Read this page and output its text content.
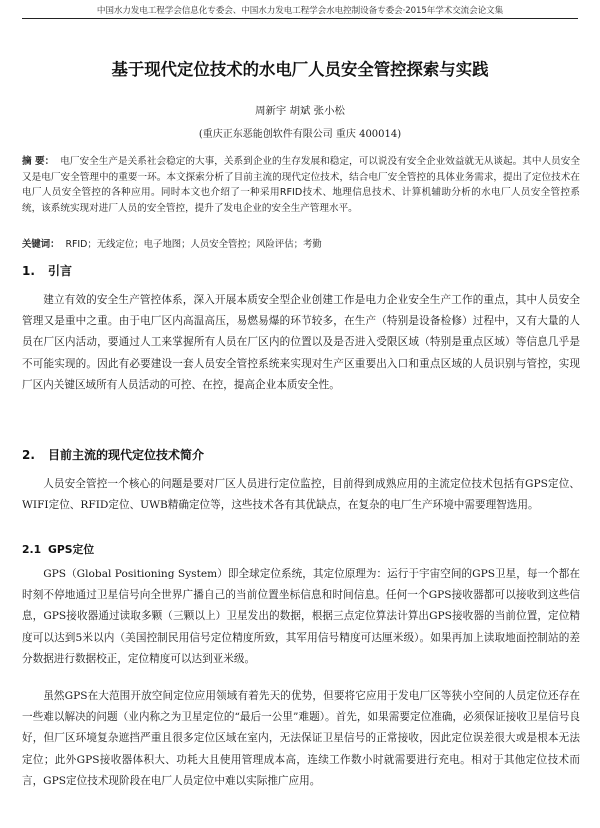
中国水力发电工程学会信息化专委会、中国水力发电工程学会水电控制设备专委会·2015年学术交流会论文集
基于现代定位技术的水电厂人员安全管控探索与实践
周新宇 胡斌 张小松
(重庆正东恶能创软件有限公司 重庆 400014)
摘 要： 电厂安全生产是关系社会稳定的大事，关系到企业的生存发展和稳定，可以说没有安全企业效益就无从谈起。其中人员安全又是电厂安全管理中的重要一环。本文探索分析了目前主流的现代定位技术，结合电厂安全管控的具体业务需求，提出了定位技术在电厂人员安全管控的各种应用。同时本文也介绍了一种采用RFID技术、地理信息技术、计算机辅助分析的水电厂人员安全管控系统，该系统实现对进厂人员的安全管控，提升了发电企业的安全生产管理水平。
关键词： RFID；无线定位；电子地图；人员安全管控；风险评估；考勤
1. 引言
建立有效的安全生产管控体系，深入开展本质安全型企业创建工作是电力企业安全生产工作的重点，其中人员安全管理又是重中之重。由于电厂区内高温高压，易燃易爆的环节较多，在生产（特别是设备检修）过程中，又有大量的人员在厂区内活动，要通过人工来掌握所有人员在厂区内的位置以及是否进入受限区域（特别是重点区域）等信息几乎是不可能实现的。因此有必要建设一套人员安全管控系统来实现对生产区重要出入口和重点区域的人员识别与管控，实现厂区内关键区域所有人员活动的可控、在控，提高企业本质安全性。
2. 目前主流的现代定位技术简介
人员安全管控一个核心的问题是要对厂区人员进行定位监控，目前得到成熟应用的主流定位技术包括有GPS定位、WIFI定位、RFID定位、UWB精确定位等，这些技术各有其优缺点，在复杂的电厂生产环境中需要理智选用。
2.1 GPS定位
GPS（Global Positioning System）即全球定位系统，其定位原理为：运行于宇宙空间的GPS卫星，每一个都在时刻不停地通过卫星信号向全世界广播自己的当前位置坐标信息和时间信息。任何一个GPS接收器都可以接收到这些信息，GPS接收器通过读取多颗（三颗以上）卫星发出的数据，根据三点定位算法计算出GPS接收器的当前位置，定位精度可以达到5米以内（美国控制民用信号定位精度所致，其军用信号精度可达厘米级）。如果再加上读取地面控制站的差分数据进行数据校正，定位精度可以达到亚米级。
虽然GPS在大范围开放空间定位应用领域有着先天的优势，但要将它应用于发电厂区等狭小空间的人员定位还存在一些难以解决的问题（业内称之为卫星定位的“最后一公里”难题）。首先，如果需要定位准确，必须保证接收卫星信号良好，但厂区环境复杂遮挡严重且很多定位区域在室内，无法保证卫星信号的正常接收，因此定位误差很大或是根本无法定位；此外GPS接收器体积大、功耗大且使用管理成本高，连续工作数小时就需要进行充电。相对于其他定位技术而言，GPS定位技术现阶段在电厂人员定位中难以实际推广应用。
